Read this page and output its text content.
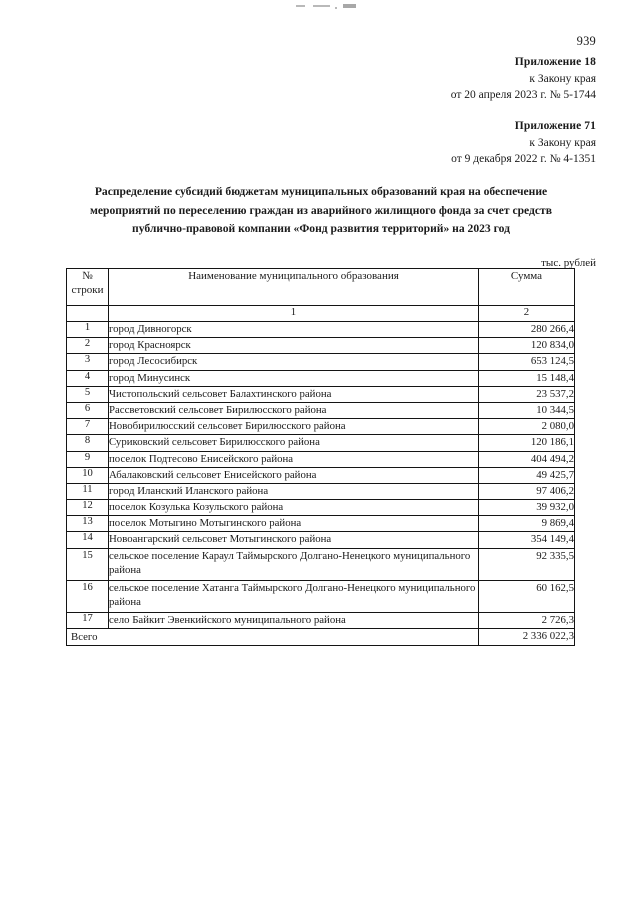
939
Приложение 18
к Закону края
от 20 апреля 2023 г. № 5-1744
Приложение 71
к Закону края
от 9 декабря 2022 г. № 4-1351
Распределение субсидий бюджетам муниципальных образований края на обеспечение
мероприятий по переселению граждан из аварийного жилищного фонда за счет средств
публично-правовой компании «Фонд развития территорий» на 2023 год
тыс. рублей
№
строки	Наименование муниципального образования	Сумма
	1	2
1	город Дивногорск	280 266,4
2	город Красноярск	120 834,0
3	город Лесосибирск	653 124,5
4	город Минусинск	15 148,4
5	Чистопольский сельсовет Балахтинского района	23 537,2
6	Рассветовский сельсовет Бирилюсского района	10 344,5
7	Новобирилюсский сельсовет Бирилюсского района	2 080,0
8	Суриковский сельсовет Бирилюсского района	120 186,1
9	поселок Подтесово Енисейского района	404 494,2
10	Абалаковский сельсовет Енисейского района	49 425,7
11	город Иланский Иланского района	97 406,2
12	поселок Козулька Козульского района	39 932,0
13	поселок Мотыгино Мотыгинского района	9 869,4
14	Новоангарский сельсовет Мотыгинского района	354 149,4
15	сельское поселение Караул Таймырского Долгано-Ненецкого муниципального района	92 335,5
16	сельское поселение Хатанга Таймырского Долгано-Ненецкого муниципального района	60 162,5
17	село Байкит Эвенкийского муниципального района	2 726,3
Всего		2 336 022,3
